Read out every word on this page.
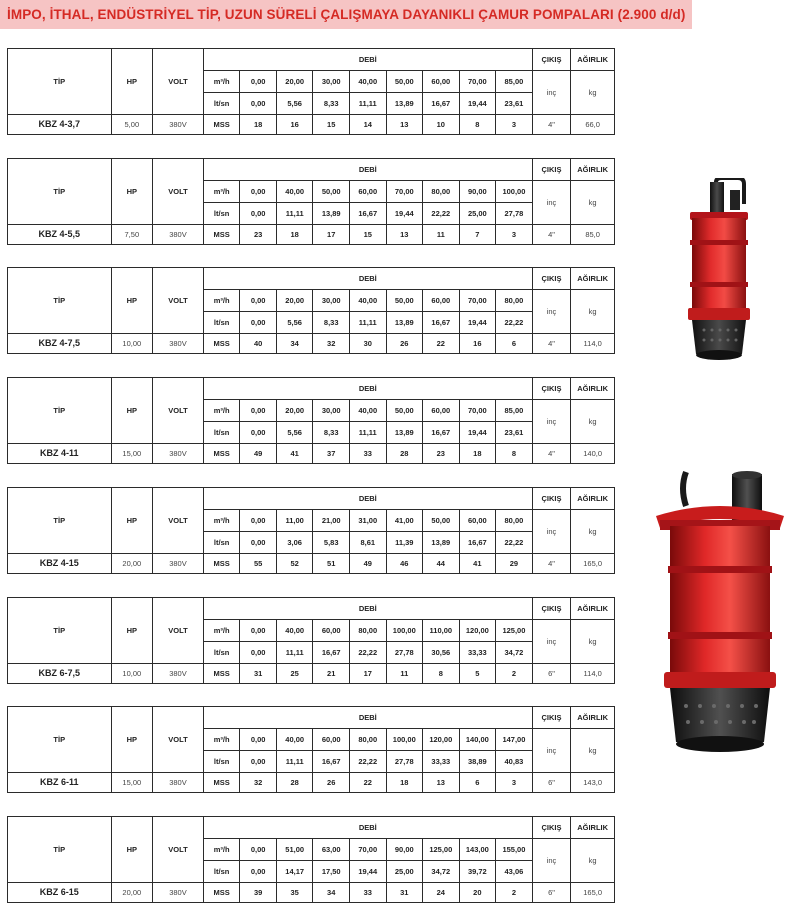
İMPO, İTHAL, ENDÜSTRİYEL TİP, UZUN SÜRELİ ÇALIŞMAYA DAYANIKLI ÇAMUR POMPALARI (2.900 d/d)
TİP	HP	VOLT	DEBİ									ÇIKIŞ	AĞIRLIK
			m³/h	0,00	20,00	30,00	40,00	50,00	60,00	70,00	85,00	inç	kg
			lt/sn	0,00	5,56	8,33	11,11	13,89	16,67	19,44	23,61		
KBZ 4-3,7	5,00	380V	MSS	18	16	15	14	13	10	8	3	4"	66,0
TİP	HP	VOLT	DEBİ									ÇIKIŞ	AĞIRLIK
			m³/h	0,00	40,00	50,00	60,00	70,00	80,00	90,00	100,00	inç	kg
			lt/sn	0,00	11,11	13,89	16,67	19,44	22,22	25,00	27,78		
KBZ 4-5,5	7,50	380V	MSS	23	18	17	15	13	11	7	3	4"	85,0
TİP	HP	VOLT	DEBİ									ÇIKIŞ	AĞIRLIK
			m³/h	0,00	20,00	30,00	40,00	50,00	60,00	70,00	80,00	inç	kg
			lt/sn	0,00	5,56	8,33	11,11	13,89	16,67	19,44	22,22		
KBZ 4-7,5	10,00	380V	MSS	40	34	32	30	26	22	16	6	4"	114,0
TİP	HP	VOLT	DEBİ									ÇIKIŞ	AĞIRLIK
			m³/h	0,00	20,00	30,00	40,00	50,00	60,00	70,00	85,00	inç	kg
			lt/sn	0,00	5,56	8,33	11,11	13,89	16,67	19,44	23,61		
KBZ 4-11	15,00	380V	MSS	49	41	37	33	28	23	18	8	4"	140,0
TİP	HP	VOLT	DEBİ									ÇIKIŞ	AĞIRLIK
			m³/h	0,00	11,00	21,00	31,00	41,00	50,00	60,00	80,00	inç	kg
			lt/sn	0,00	3,06	5,83	8,61	11,39	13,89	16,67	22,22		
KBZ 4-15	20,00	380V	MSS	55	52	51	49	46	44	41	29	4"	165,0
TİP	HP	VOLT	DEBİ									ÇIKIŞ	AĞIRLIK
			m³/h	0,00	40,00	60,00	80,00	100,00	110,00	120,00	125,00	inç	kg
			lt/sn	0,00	11,11	16,67	22,22	27,78	30,56	33,33	34,72		
KBZ 6-7,5	10,00	380V	MSS	31	25	21	17	11	8	5	2	6"	114,0
TİP	HP	VOLT	DEBİ									ÇIKIŞ	AĞIRLIK
			m³/h	0,00	40,00	60,00	80,00	100,00	120,00	140,00	147,00	inç	kg
			lt/sn	0,00	11,11	16,67	22,22	27,78	33,33	38,89	40,83		
KBZ 6-11	15,00	380V	MSS	32	28	26	22	18	13	6	3	6"	143,0
TİP	HP	VOLT	DEBİ									ÇIKIŞ	AĞIRLIK
			m³/h	0,00	51,00	63,00	70,00	90,00	125,00	143,00	155,00	inç	kg
			lt/sn	0,00	14,17	17,50	19,44	25,00	34,72	39,72	43,06		
KBZ 6-15	20,00	380V	MSS	39	35	34	33	31	24	20	2	6"	165,0
